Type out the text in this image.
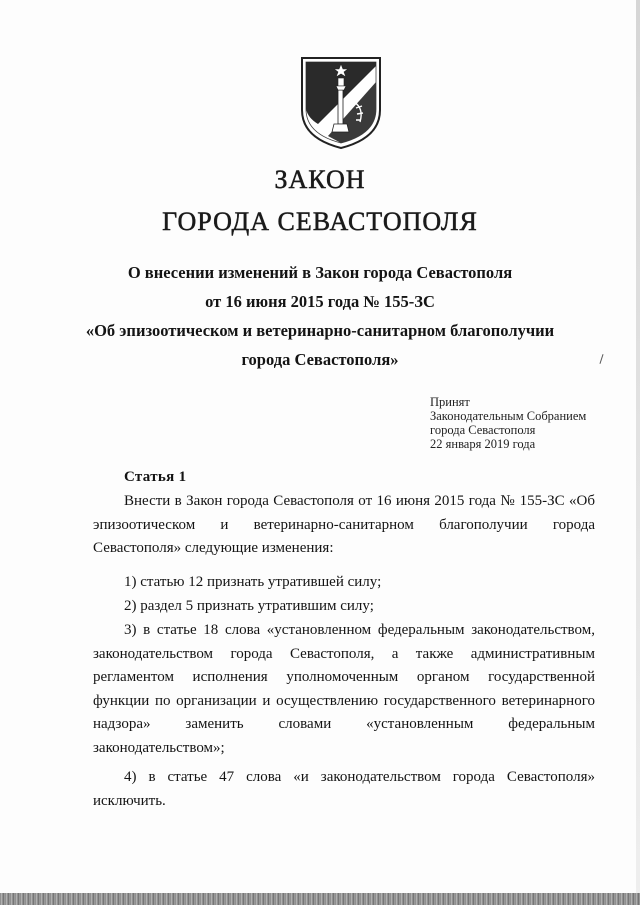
ЗАКОН
ГОРОДА СЕВАСТОПОЛЯ
О внесении изменений в Закон города Севастополя
от 16 июня 2015 года № 155-ЗС
«Об эпизоотическом и ветеринарно-санитарном благополучии
города Севастополя»
Принят
Законодательным Собранием
города Севастополя
22 января 2019 года
Статья 1
Внести в Закон города Севастополя от 16 июня 2015 года № 155-ЗС «Об эпизоотическом и ветеринарно-санитарном благополучии города Севастополя» следующие изменения:
1) статью 12 признать утратившей силу;
2) раздел 5 признать утратившим силу;
3) в статье 18 слова «установленном федеральным законодательством, законодательством города Севастополя, а также административным регламентом исполнения уполномоченным органом государственной функции по организации и осуществлению государственного ветеринарного надзора» заменить словами «установленным федеральным законодательством»;
4) в статье 47 слова «и законодательством города Севастополя» исключить.
